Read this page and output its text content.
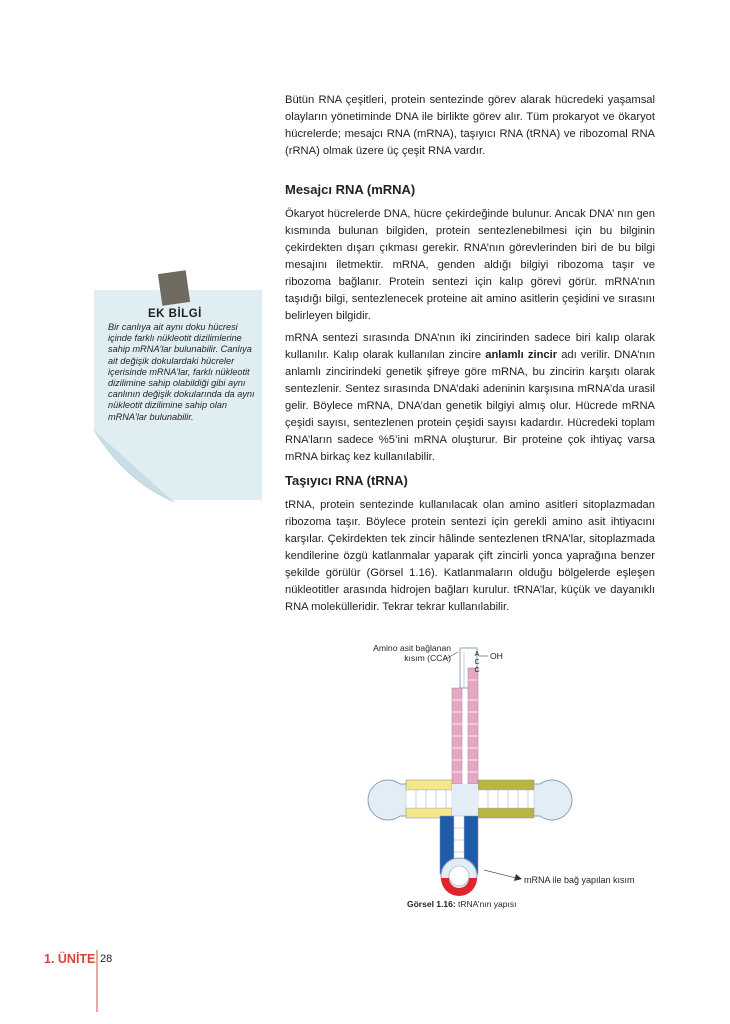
Bütün RNA çeşitleri, protein sentezinde görev alarak hücredeki yaşamsal olayların yönetiminde DNA ile birlikte görev alır. Tüm prokaryot ve ökaryot hücrelerde; mesajcı RNA (mRNA), taşıyıcı RNA (tRNA) ve ribozomal RNA (rRNA) olmak üzere üç çeşit RNA vardır.

Mesajcı RNA (mRNA)

Ökaryot hücrelerde DNA, hücre çekirdeğinde bulunur. Ancak DNA’ nın gen kısmında bulunan bilgiden, protein sentezlenebilmesi için bu bilginin çekirdekten dışarı çıkması gerekir. RNA’nın görevlerinden biri de bu bilgi mesajını iletmektir. mRNA, genden aldığı bilgiyi ribozoma taşır ve ribozoma bağlanır. Protein sentezi için kalıp görevi görür. mRNA’nın taşıdığı bilgi, sentezlenecek proteine ait amino asitlerin çeşidini ve sırasını belirleyen bilgidir.

mRNA sentezi sırasında DNA’nın iki zincirinden sadece biri kalıp olarak kullanılır. Kalıp olarak kullanılan zincire anlamlı zincir adı verilir. DNA’nın anlamlı zincirindeki genetik şifreye göre mRNA, bu zincirin karşıtı olarak sentezlenir. Sentez sırasında DNA’daki adeninin karşısına mRNA’da urasil gelir. Böylece mRNA, DNA’dan genetik bilgiyi almış olur. Hücrede mRNA çeşidi sayısı, sentezlenen protein çeşidi sayısı kadardır. Hücredeki toplam RNA’ların sadece %5’ini mRNA oluşturur. Bir proteine çok ihtiyaç varsa mRNA birkaç kez kullanılabilir.

Taşıyıcı RNA (tRNA)

tRNA, protein sentezinde kullanılacak olan amino asitleri sitoplazmadan ribozoma taşır. Böylece protein sentezi için gerekli amino asit ihtiyacını karşılar. Çekirdekten tek zincir hâlinde sentezlenen tRNA’lar, sitoplazmada kendilerine özgü katlanmalar yaparak çift zincirli yonca yaprağına benzer şekilde görülür (Görsel 1.16). Katlanmaların olduğu bölgelerde eşleşen nükleotitler arasında hidrojen bağları kurulur. tRNA’lar, küçük ve dayanıklı RNA molekülleridir. Tekrar tekrar kullanılabilir.

EK BİLGİ
Bir canlıya ait aynı doku hücresi içinde farklı nükleotit dizilimlerine sahip mRNA’lar bulunabilir. Canlıya ait değişik dokulardaki hücreler içerisinde mRNA’lar, farklı nükleotit dizilimine sahip olabildiği gibi aynı canlının değişik dokularında da aynı nükleotit dizilimine sahip olan mRNA’lar bulunabilir.
Amino asit bağlanan
kısım (CCA)	OH
A
C
C
mRNA ile bağ yapılan kısım
Görsel 1.16: tRNA’nın yapısı
1. ÜNİTE 28
